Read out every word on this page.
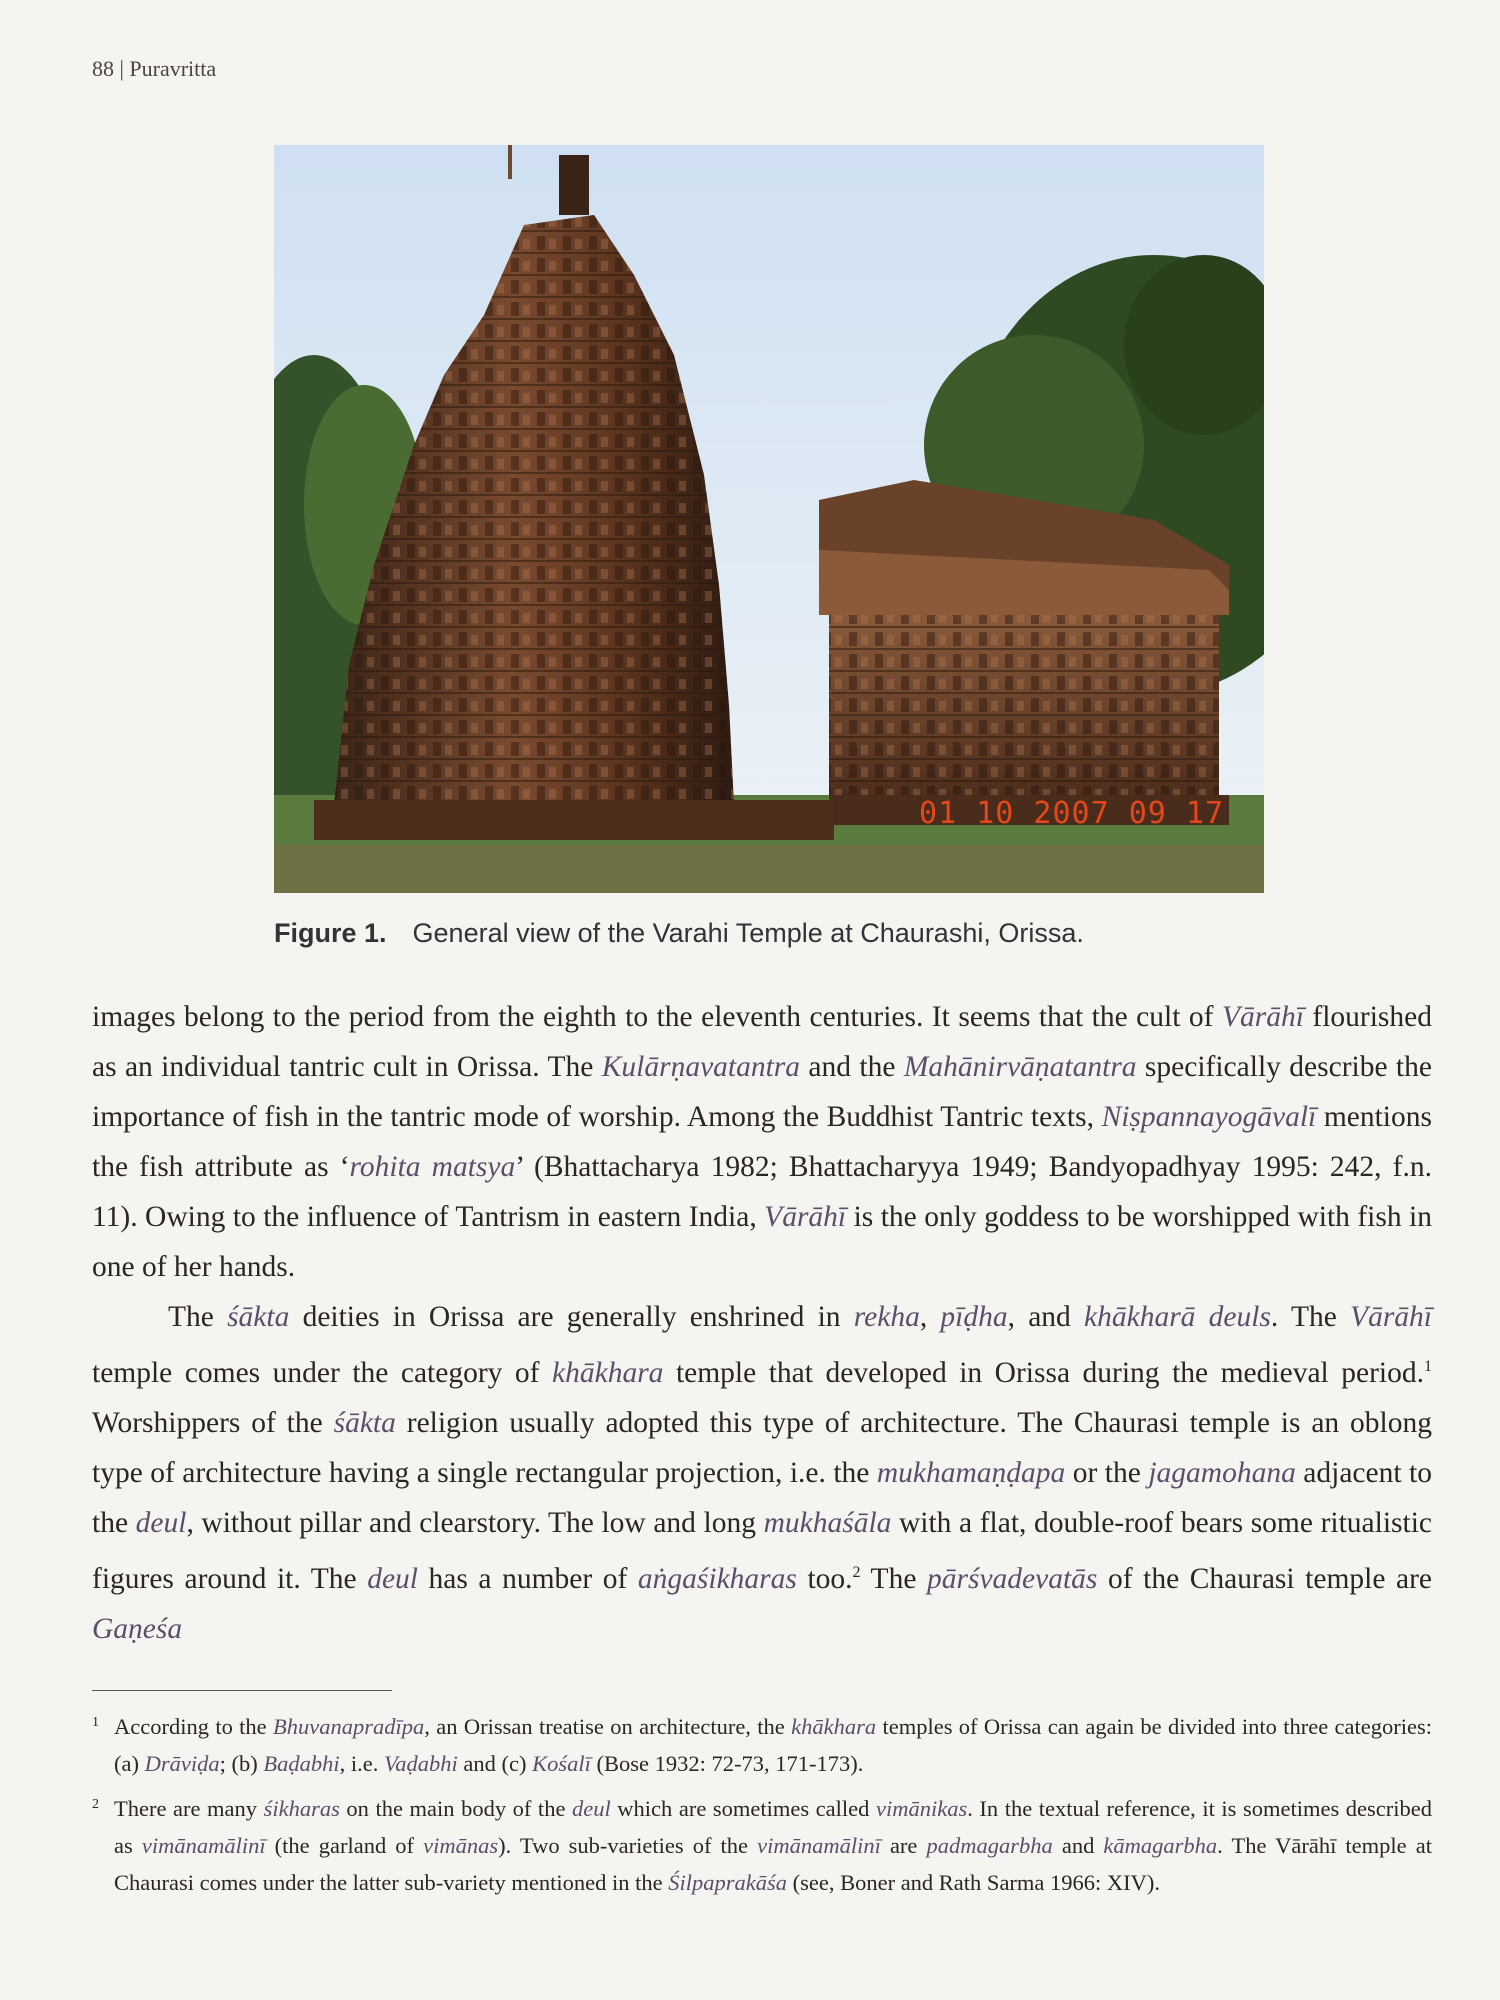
88 | Puravritta
01 10 2007 09 17
Figure 1. General view of the Varahi Temple at Chaurashi, Orissa.

images belong to the period from the eighth to the eleventh centuries. It seems that the cult of Vārāhī flourished as an individual tantric cult in Orissa. The Kulārṇavatantra and the Mahānirvāṇatantra specifically describe the importance of fish in the tantric mode of worship. Among the Buddhist Tantric texts, Niṣpannayogāvalī mentions the fish attribute as ‘rohita matsya’ (Bhattacharya 1982; Bhattacharyya 1949; Bandyopadhyay 1995: 242, f.n. 11). Owing to the influence of Tantrism in eastern India, Vārāhī is the only goddess to be worshipped with fish in one of her hands.

The śākta deities in Orissa are generally enshrined in rekha, pīḍha, and khākharā deuls. The Vārāhī temple comes under the category of khākhara temple that developed in Orissa during the medieval period.$^1$ Worshippers of the śākta religion usually adopted this type of architecture. The Chaurasi temple is an oblong type of architecture having a single rectangular projection, i.e. the mukhamaṇḍapa or the jagamohana adjacent to the deul, without pillar and clearstory. The low and long mukhaśāla with a flat, double-roof bears some ritualistic figures around it. The deul has a number of aṅgaśikharas too.$^2$ The pārśvadevatās of the Chaurasi temple are Gaṇeśa

1 According to the Bhuvanapradīpa, an Orissan treatise on architecture, the khākhara temples of Orissa can again be divided into three categories: (a) Drāviḍa; (b) Baḍabhi, i.e. Vaḍabhi and (c) Kośalī (Bose 1932: 72-73, 171-173).
2 There are many śikharas on the main body of the deul which are sometimes called vimānikas. In the textual reference, it is sometimes described as vimānamālinī (the garland of vimānas). Two sub-varieties of the vimānamālinī are padmagarbha and kāmagarbha. The Vārāhī temple at Chaurasi comes under the latter sub-variety mentioned in the Śilpaprakāśa (see, Boner and Rath Sarma 1966: XIV).
